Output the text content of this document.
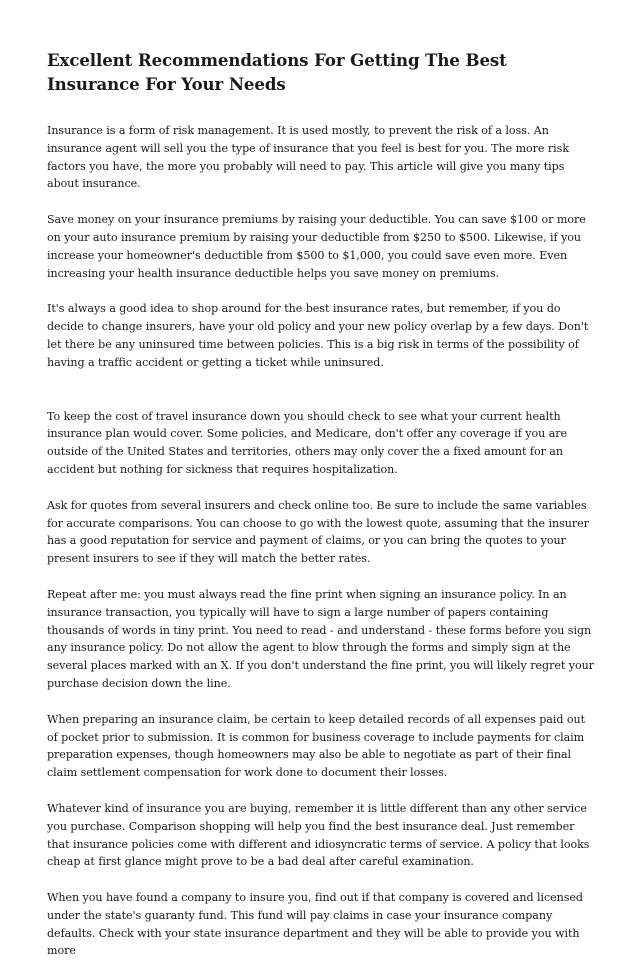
Excellent Recommendations For Getting The Best Insurance For Your Needs

Insurance is a form of risk management. It is used mostly, to prevent the risk of a loss. An insurance agent will sell you the type of insurance that you feel is best for you. The more risk factors you have, the more you probably will need to pay. This article will give you many tips about insurance.

Save money on your insurance premiums by raising your deductible. You can save $100 or more on your auto insurance premium by raising your deductible from $250 to $500. Likewise, if you increase your homeowner's deductible from $500 to $1,000, you could save even more. Even increasing your health insurance deductible helps you save money on premiums.

It's always a good idea to shop around for the best insurance rates, but remember, if you do decide to change insurers, have your old policy and your new policy overlap by a few days. Don't let there be any uninsured time between policies. This is a big risk in terms of the possibility of having a traffic accident or getting a ticket while uninsured.

To keep the cost of travel insurance down you should check to see what your current health insurance plan would cover. Some policies, and Medicare, don't offer any coverage if you are outside of the United States and territories, others may only cover the a fixed amount for an accident but nothing for sickness that requires hospitalization.

Ask for quotes from several insurers and check online too. Be sure to include the same variables for accurate comparisons. You can choose to go with the lowest quote, assuming that the insurer has a good reputation for service and payment of claims, or you can bring the quotes to your present insurers to see if they will match the better rates.

Repeat after me: you must always read the fine print when signing an insurance policy. In an insurance transaction, you typically will have to sign a large number of papers containing thousands of words in tiny print. You need to read - and understand - these forms before you sign any insurance policy. Do not allow the agent to blow through the forms and simply sign at the several places marked with an X. If you don't understand the fine print, you will likely regret your purchase decision down the line.

When preparing an insurance claim, be certain to keep detailed records of all expenses paid out of pocket prior to submission. It is common for business coverage to include payments for claim preparation expenses, though homeowners may also be able to negotiate as part of their final claim settlement compensation for work done to document their losses.

Whatever kind of insurance you are buying, remember it is little different than any other service you purchase. Comparison shopping will help you find the best insurance deal. Just remember that insurance policies come with different and idiosyncratic terms of service. A policy that looks cheap at first glance might prove to be a bad deal after careful examination.

When you have found a company to insure you, find out if that company is covered and licensed under the state's guaranty fund. This fund will pay claims in case your insurance company defaults. Check with your state insurance department and they will be able to provide you with more
